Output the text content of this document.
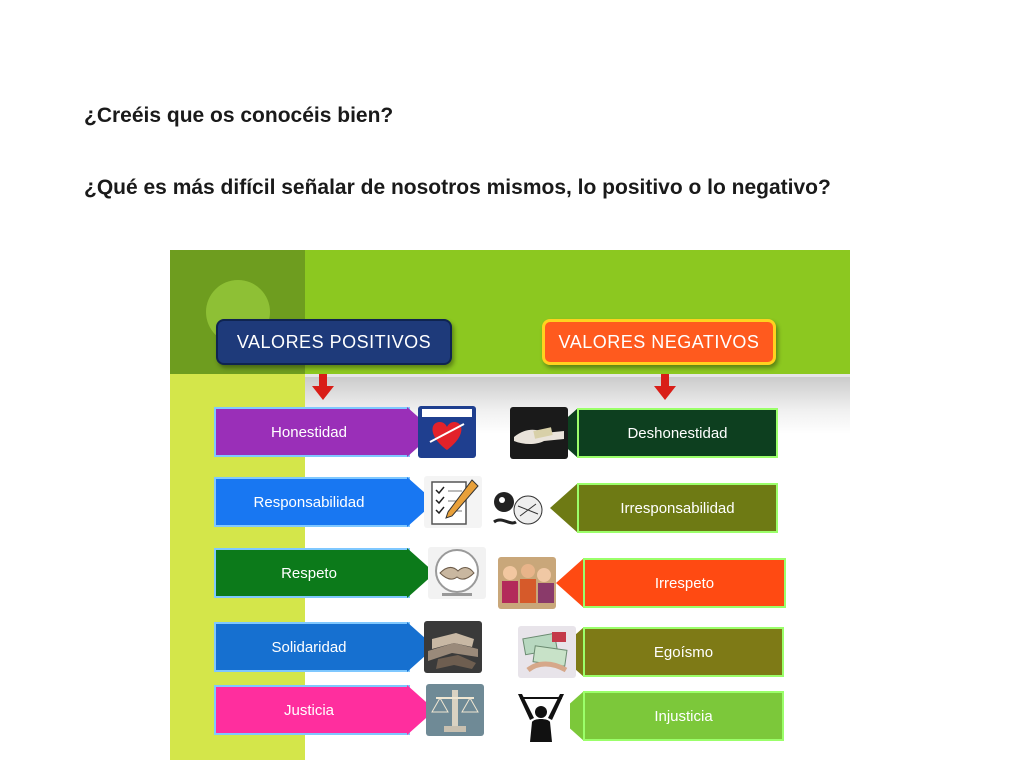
¿Creéis que os conocéis bien?
¿Qué es más difícil señalar de nosotros mismos, lo positivo o lo negativo?
VALORES POSITIVOS	VALORES NEGATIVOS
Honestidad
Responsabilidad
Respeto
Solidaridad
Justicia
Deshonestidad
Irresponsabilidad
Irrespeto
Egoísmo
Injusticia
